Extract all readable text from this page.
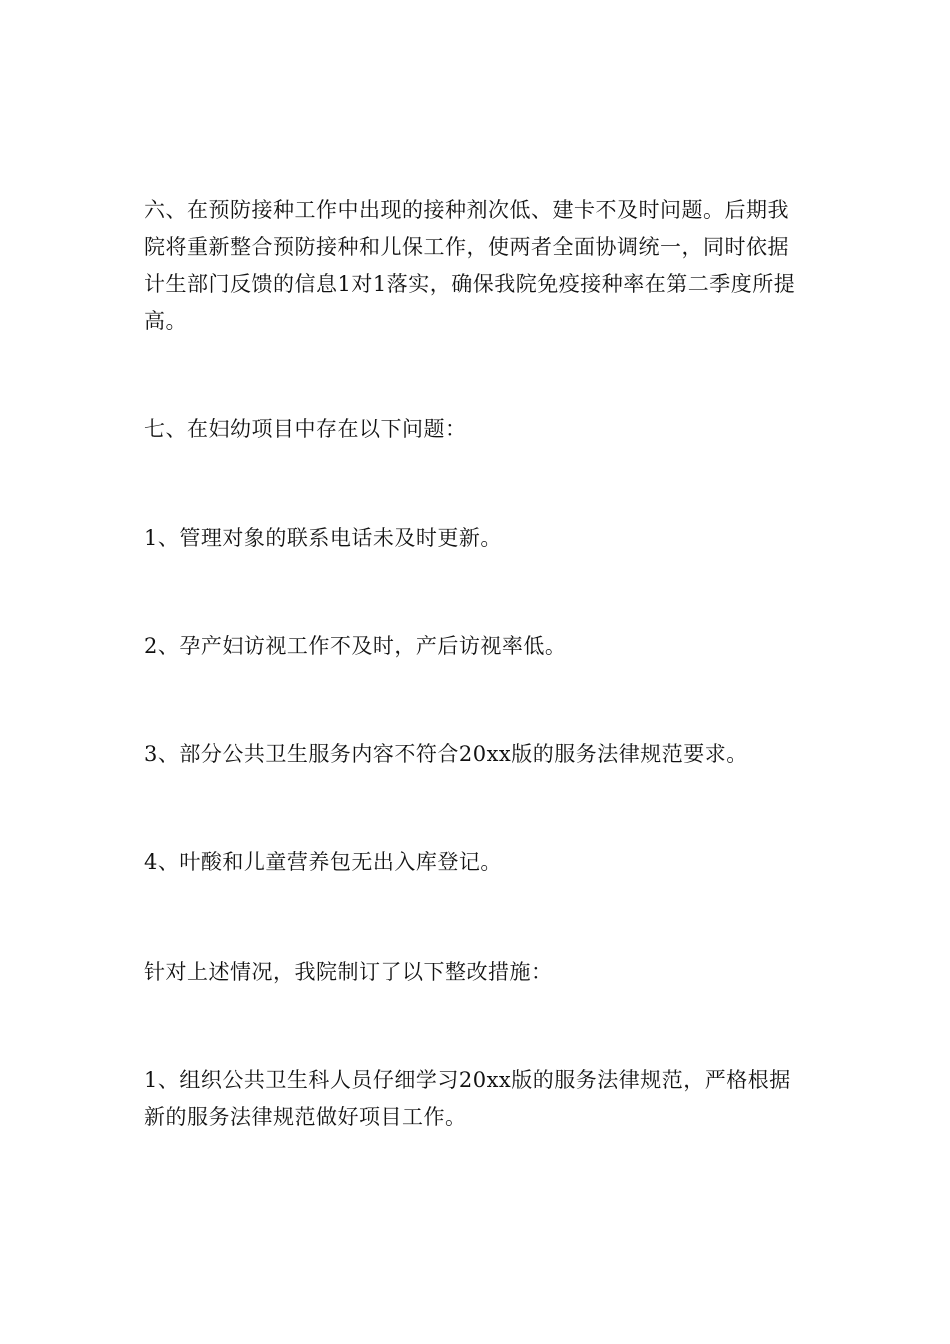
六、在预防接种工作中出现的接种剂次低、建卡不及时问题。后期我院将重新整合预防接种和儿保工作，使两者全面协调统一，同时依据计生部门反馈的信息1对1落实，确保我院免疫接种率在第二季度所提高。

七、在妇幼项目中存在以下问题：

1、管理对象的联系电话未及时更新。

2、孕产妇访视工作不及时，产后访视率低。

3、部分公共卫生服务内容不符合20xx版的服务法律规范要求。

4、叶酸和儿童营养包无出入库登记。

针对上述情况，我院制订了以下整改措施：

1、组织公共卫生科人员仔细学习20xx版的服务法律规范，严格根据新的服务法律规范做好项目工作。
